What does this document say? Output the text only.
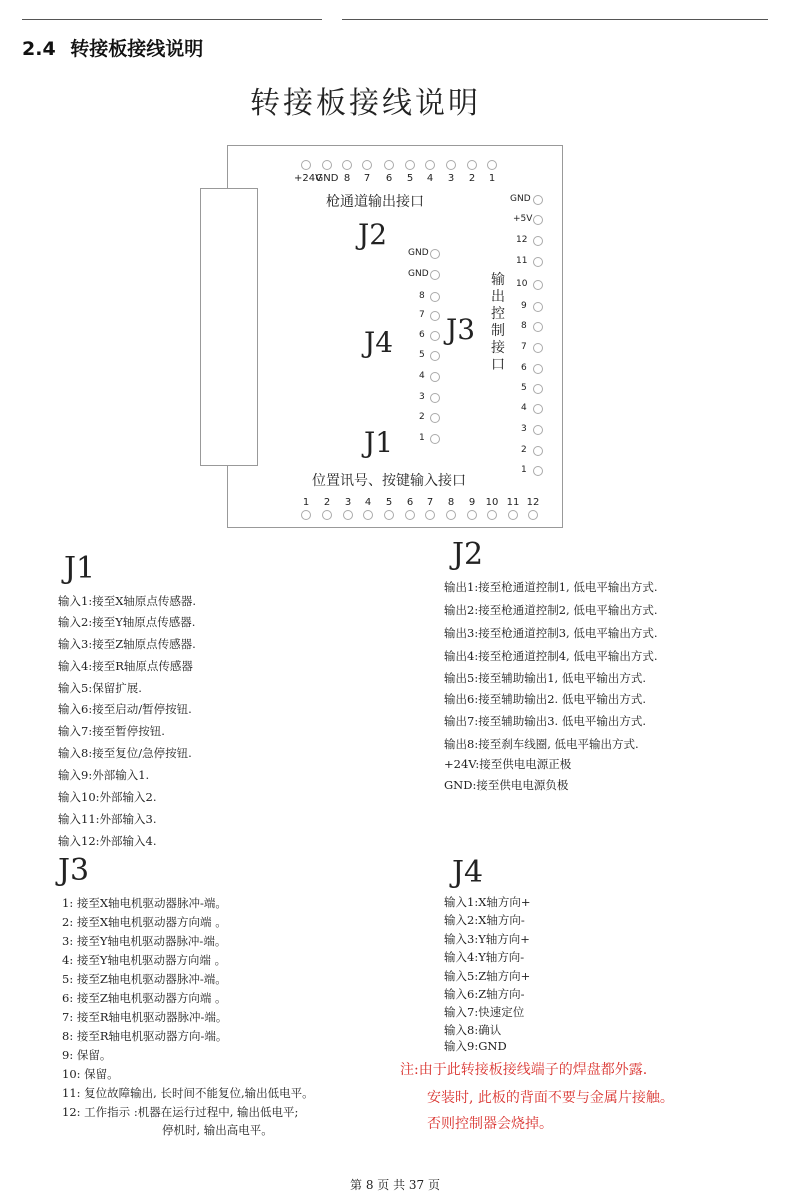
2.4 转接板接线说明
转接板接线说明
枪通道输出接口
J2
J4 J3
J1
输
出
控
制
接
口
位置讯号、按键输入接口
J1
输入1:接至X轴原点传感器.
输入2:接至Y轴原点传感器.
输入3:接至Z轴原点传感器.
输入4:接至R轴原点传感器
输入5:保留扩展.
输入6:接至启动/暂停按钮.
输入7:接至暂停按钮.
输入8:接至复位/急停按钮.
输入9:外部输入1.
输入10:外部输入2.
输入11:外部输入3.
输入12:外部输入4.
J2
输出1:接至枪通道控制1, 低电平输出方式.
输出2:接至枪通道控制2, 低电平输出方式.
输出3:接至枪通道控制3, 低电平输出方式.
输出4:接至枪通道控制4, 低电平输出方式.
输出5:接至辅助输出1, 低电平输出方式.
输出6:接至辅助输出2. 低电平输出方式.
输出7:接至辅助输出3. 低电平输出方式.
输出8:接至刹车线圈, 低电平输出方式.
+24V:接至供电电源正极
GND:接至供电电源负极
J3
1: 接至X轴电机驱动器脉冲-端。
2: 接至X轴电机驱动器方向端 。
3: 接至Y轴电机驱动器脉冲-端。
4: 接至Y轴电机驱动器方向端 。
5: 接至Z轴电机驱动器脉冲-端。
6: 接至Z轴电机驱动器方向端 。
7: 接至R轴电机驱动器脉冲-端。
8: 接至R轴电机驱动器方向-端。
9: 保留。
10: 保留。
11: 复位故障输出, 长时间不能复位,输出低电平。
12: 工作指示 :机器在运行过程中, 输出低电平;
停机时, 输出高电平。
J4
输入1:X轴方向+
输入2:X轴方向-
输入3:Y轴方向+
输入4:Y轴方向-
输入5:Z轴方向+
输入6:Z轴方向-
输入7:快速定位
输入8:确认
输入9:GND
注:由于此转接板接线端子的焊盘都外露.
安装时, 此板的背面不要与金属片接触。
否则控制器会烧掉。
第 8 页 共 37 页
+24V
GND 8	7	6	5	4	3	2	1
GND
GND
8
7
6
5
4
3
2
1
GND
+5V
12
11
10
9
8
7
6
5
4
3
2
1
1	2	3	4	5	6	7	8	9	10 11 12
